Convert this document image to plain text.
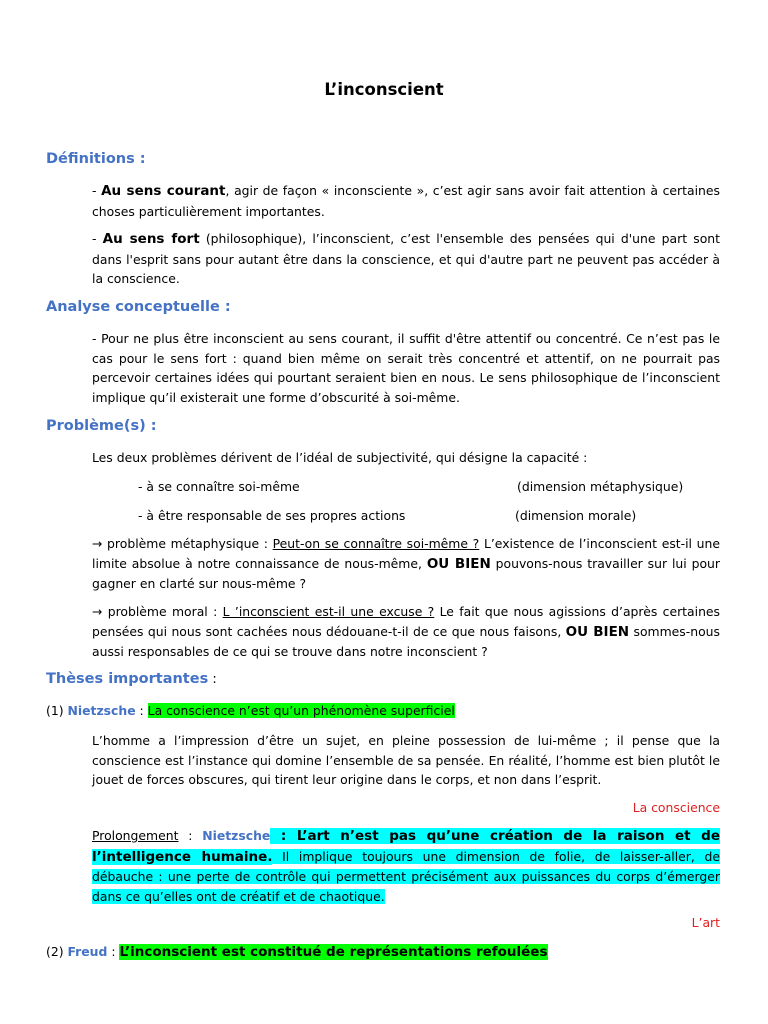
L’inconscient
Définitions :
- Au sens courant, agir de façon « inconsciente », c’est agir sans avoir fait attention à certaines choses particulièrement importantes.
- Au sens fort (philosophique), l’inconscient, c’est l'ensemble des pensées qui d'une part sont dans l'esprit sans pour autant être dans la conscience, et qui d'autre part ne peuvent pas accéder à la conscience.
Analyse conceptuelle :
- Pour ne plus être inconscient au sens courant, il suffit d'être attentif ou concentré. Ce n’est pas le cas pour le sens fort : quand bien même on serait très concentré et attentif, on ne pourrait pas percevoir certaines idées qui pourtant seraient bien en nous. Le sens philosophique de l’inconscient implique qu’il existerait une forme d’obscurité à soi-même.
Problème(s) :
Les deux problèmes dérivent de l’idéal de subjectivité, qui désigne la capacité :
- à se connaître soi-même	(dimension métaphysique)
- à être responsable de ses propres actions	(dimension morale)
→ problème métaphysique : Peut-on se connaître soi-même ? L’existence de l’inconscient est-il une limite absolue à notre connaissance de nous-même, OU BIEN pouvons-nous travailler sur lui pour gagner en clarté sur nous-même ?
→ problème moral : L ’inconscient est-il une excuse ? Le fait que nous agissions d’après certaines pensées qui nous sont cachées nous dédouane-t-il de ce que nous faisons, OU BIEN sommes-nous aussi responsables de ce qui se trouve dans notre inconscient ?
Thèses importantes :
(1) Nietzsche : La conscience n’est qu’un phénomène superficiel
L’homme a l’impression d’être un sujet, en pleine possession de lui-même ; il pense que la conscience est l’instance qui domine l’ensemble de sa pensée. En réalité, l’homme est bien plutôt le jouet de forces obscures, qui tirent leur origine dans le corps, et non dans l’esprit.
La conscience
Prolongement : Nietzsche : L’art n’est pas qu’une création de la raison et de l’intelligence humaine. Il implique toujours une dimension de folie, de laisser-aller, de débauche : une perte de contrôle qui permettent précisément aux puissances du corps d’émerger dans ce qu’elles ont de créatif et de chaotique.
L’art
(2) Freud : L’inconscient est constitué de représentations refoulées
